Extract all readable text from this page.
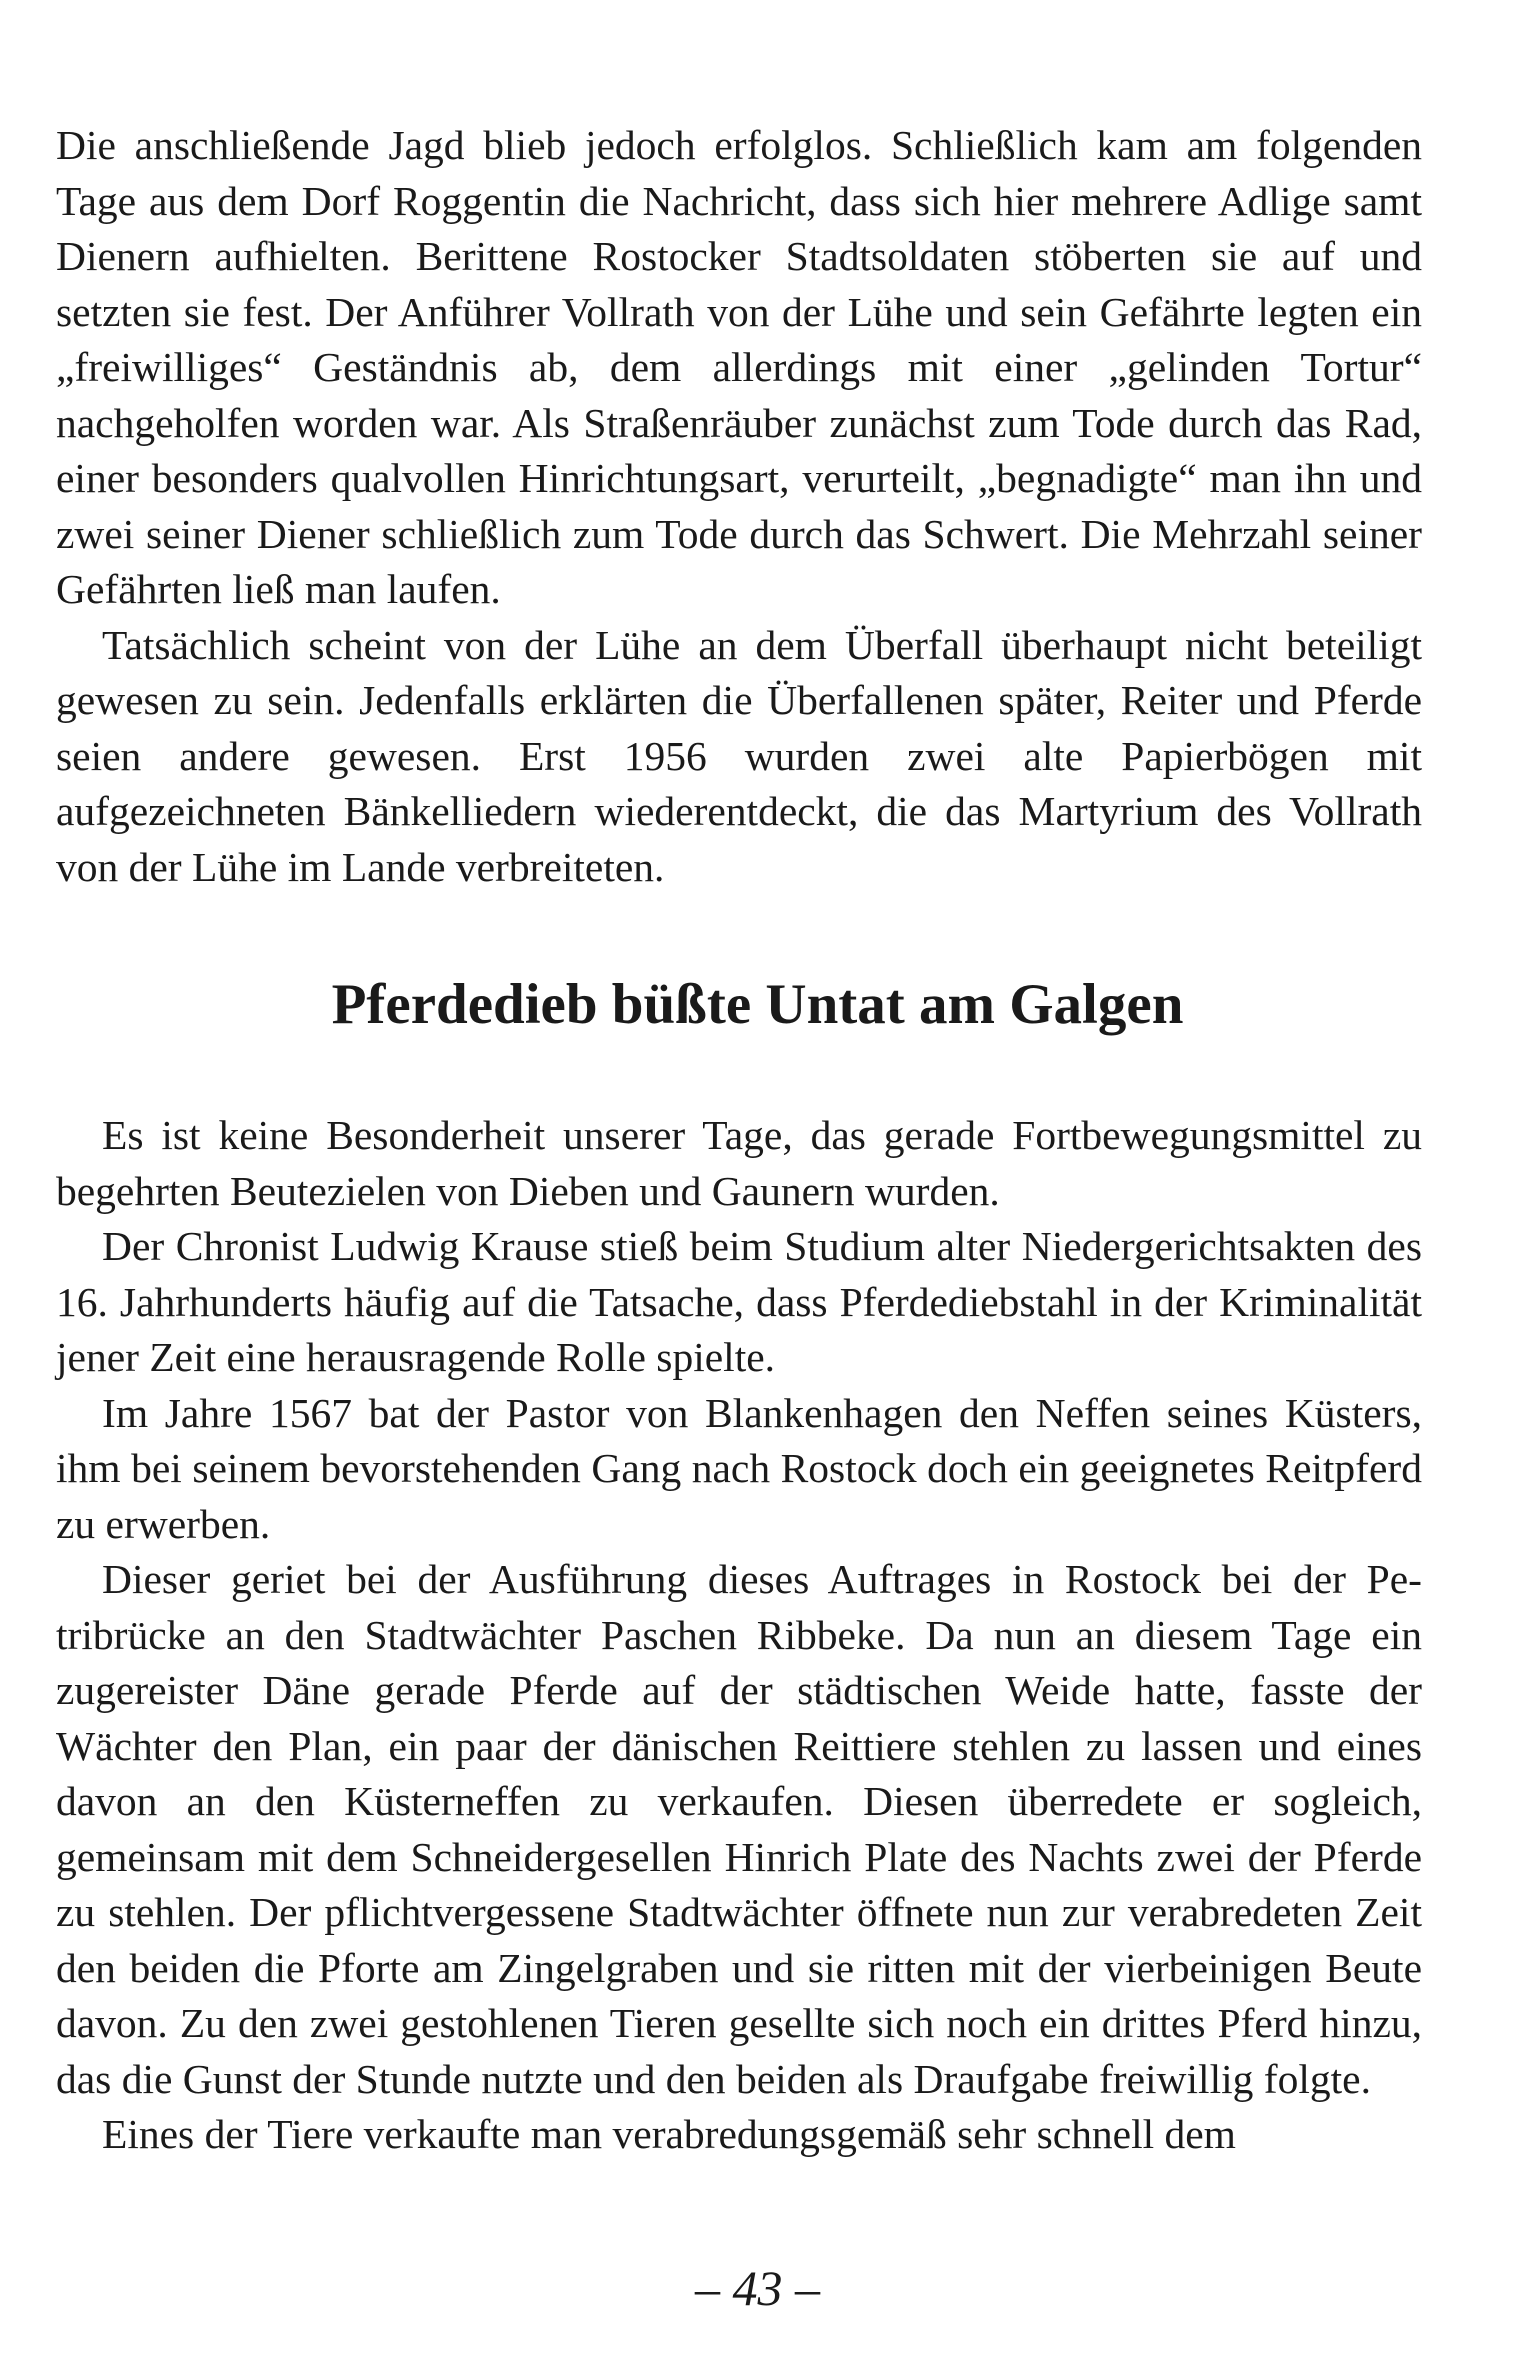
Die anschließende Jagd blieb jedoch erfolglos. Schließlich kam am folgenden Tage aus dem Dorf Roggentin die Nachricht, dass sich hier mehrere Adlige samt Dienern aufhielten. Berittene Rostocker Stadtsoldaten stöberten sie auf und setzten sie fest. Der Anführer Vollrath von der Lühe und sein Gefährte legten ein „freiwilliges“ Geständnis ab, dem allerdings mit einer „gelinden Tortur“ nachgeholfen worden war. Als Straßenräuber zunächst zum Tode durch das Rad, einer besonders qualvollen Hinrichtungsart, verurteilt, „begnadigte“ man ihn und zwei seiner Diener schließlich zum Tode durch das Schwert. Die Mehrzahl seiner Gefährten ließ man laufen.

Tatsächlich scheint von der Lühe an dem Überfall überhaupt nicht beteiligt gewesen zu sein. Jedenfalls erklärten die Überfallenen später, Reiter und Pferde seien andere gewesen. Erst 1956 wurden zwei alte Papierbögen mit aufgezeichneten Bänkelliedern wiederentdeckt, die das Martyrium des Vollrath von der Lühe im Lande verbreiteten.

Pferdedieb büßte Untat am Galgen

Es ist keine Besonderheit unserer Tage, das gerade Fortbewegungsmittel zu begehrten Beutezielen von Dieben und Gaunern wurden.

Der Chronist Ludwig Krause stieß beim Studium alter Niedergerichtsakten des 16. Jahrhunderts häufig auf die Tatsache, dass Pferdediebstahl in der Kriminalität jener Zeit eine herausragende Rolle spielte.

Im Jahre 1567 bat der Pastor von Blankenhagen den Neffen seines Küsters, ihm bei seinem bevorstehenden Gang nach Rostock doch ein geeignetes Reitpferd zu erwerben.

Dieser geriet bei der Ausführung dieses Auftrages in Rostock bei der Petribrücke an den Stadtwächter Paschen Ribbeke. Da nun an diesem Tage ein zugereister Däne gerade Pferde auf der städtischen Weide hatte, fasste der Wächter den Plan, ein paar der dänischen Reittiere stehlen zu lassen und eines davon an den Küsterneffen zu verkaufen. Diesen überredete er sogleich, gemeinsam mit dem Schneidergesellen Hinrich Plate des Nachts zwei der Pferde zu stehlen. Der pflichtvergessene Stadtwächter öffnete nun zur verabredeten Zeit den beiden die Pforte am Zingelgraben und sie ritten mit der vierbeinigen Beute davon. Zu den zwei gestohlenen Tieren gesellte sich noch ein drittes Pferd hinzu, das die Gunst der Stunde nutzte und den beiden als Draufgabe freiwillig folgte.

Eines der Tiere verkaufte man verabredungsgemäß sehr schnell dem

– 43 –
